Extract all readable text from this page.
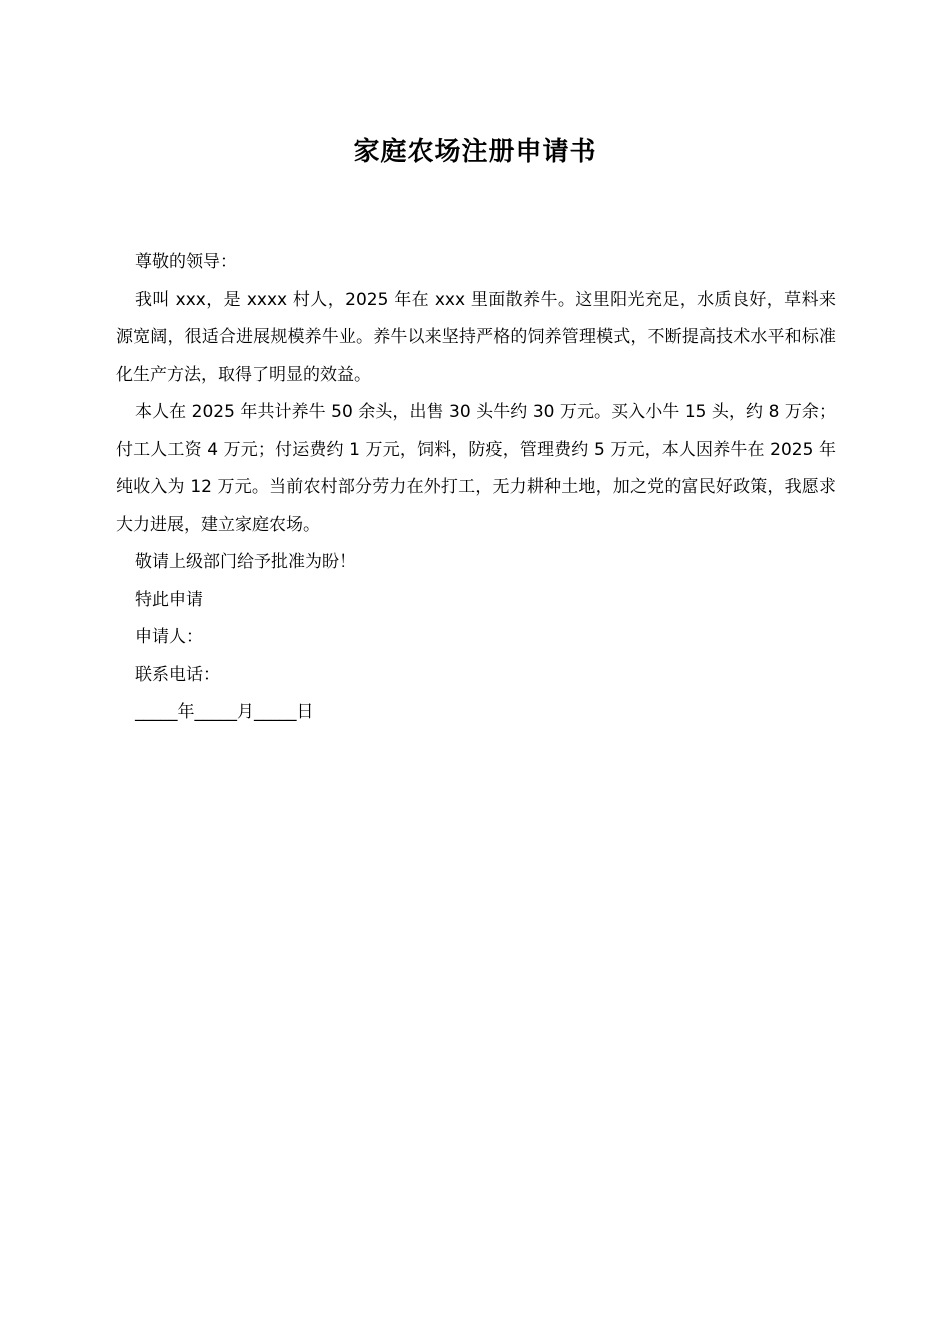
家庭农场注册申请书

尊敬的领导：

我叫 xxx，是 xxxx 村人，2025 年在 xxx 里面散养牛。这里阳光充足，水质良好，草料来源宽阔，很适合进展规模养牛业。养牛以来坚持严格的饲养管理模式，不断提高技术水平和标准化生产方法，取得了明显的效益。

本人在 2025 年共计养牛 50 余头，出售 30 头牛约 30 万元。买入小牛 15 头，约 8 万余；付工人工资 4 万元；付运费约 1 万元，饲料，防疫，管理费约 5 万元，本人因养牛在 2025 年纯收入为 12 万元。当前农村部分劳力在外打工，无力耕种土地，加之党的富民好政策，我愿求大力进展，建立家庭农场。

敬请上级部门给予批准为盼！

特此申请

申请人：

联系电话：

_____年_____月_____日
